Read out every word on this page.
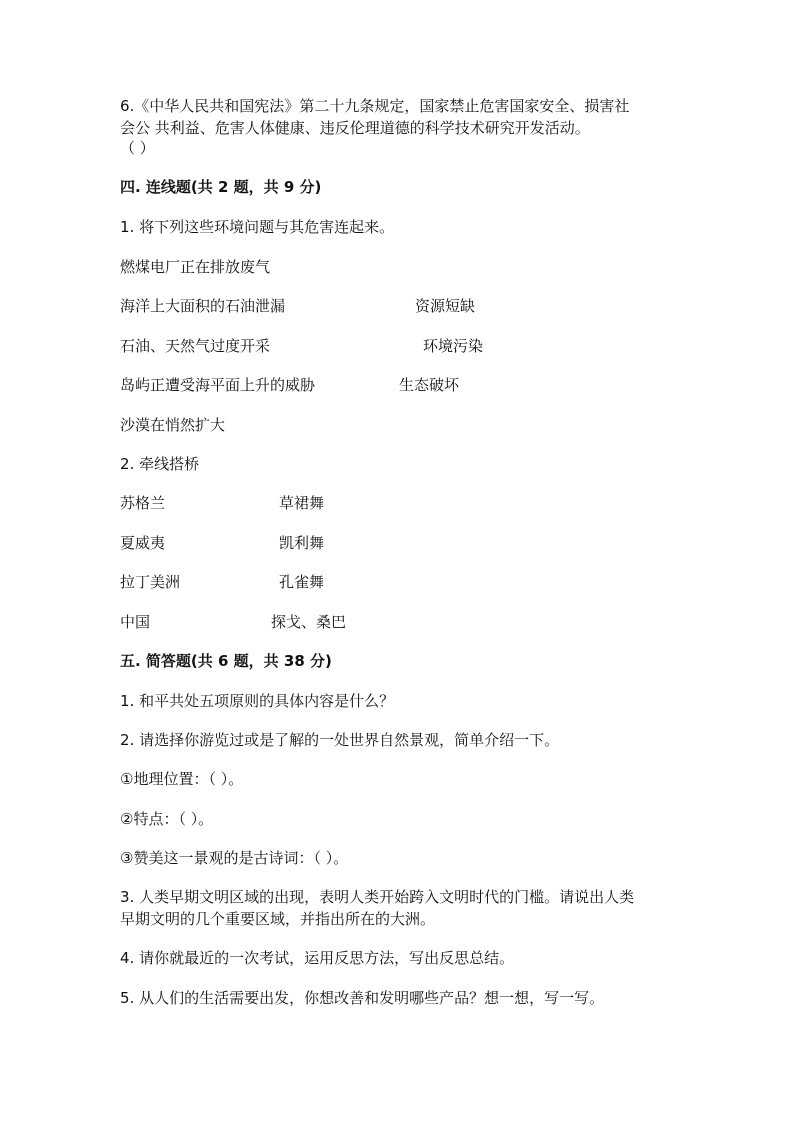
6.《中华人民共和国宪法》第二十九条规定，国家禁止危害国家安全、损害社
会公 共利益、危害人体健康、违反伦理道德的科学技术研究开发活动。
（ ）
四. 连线题(共 2 题，共 9 分)
1. 将下列这些环境问题与其危害连起来。
燃煤电厂正在排放废气
海洋上大面积的石油泄漏	资源短缺
石油、天然气过度开采	环境污染
岛屿正遭受海平面上升的威胁	生态破坏
沙漠在悄然扩大
2. 牵线搭桥
苏格兰	草裙舞
夏威夷	凯利舞
拉丁美洲	孔雀舞
中国	探戈、桑巴
五. 简答题(共 6 题，共 38 分)
1. 和平共处五项原则的具体内容是什么？
2. 请选择你游览过或是了解的一处世界自然景观，简单介绍一下。
①地理位置：（ ）。
②特点：（ ）。
③赞美这一景观的是古诗词：（ ）。
3. 人类早期文明区域的出现，表明人类开始跨入文明时代的门槛。请说出人类
早期文明的几个重要区域，并指出所在的大洲。
4. 请你就最近的一次考试，运用反思方法，写出反思总结。
5. 从人们的生活需要出发，你想改善和发明哪些产品？想一想，写一写。
